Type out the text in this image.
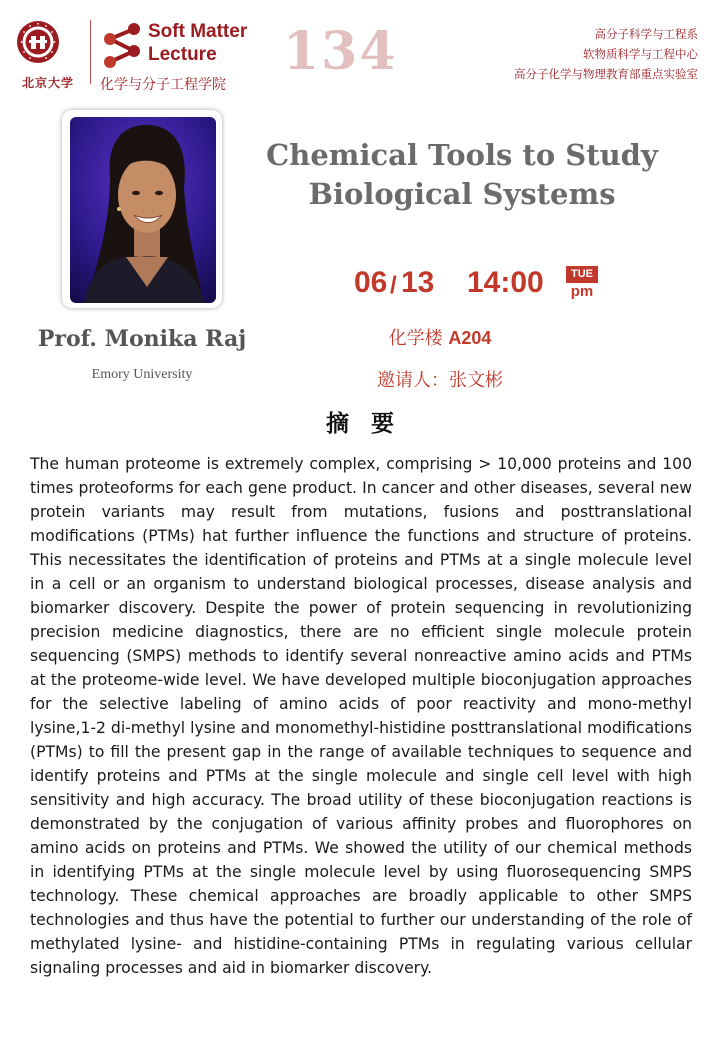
北京大学
Soft Matter
Lecture
化学与分子工程学院
134	高分子科学与工程系
软物质科学与工程中心
高分子化学与物理教育部重点实验室
Prof. Monika Raj
Emory University
Chemical Tools to Study
Biological Systems
06 / 13 14:00	TUE
pm
化学楼 A204
邀请人：张文彬
摘要
The human proteome is extremely complex, comprising > 10,000 proteins and 100 times proteoforms for each gene product. In cancer and other diseases, several new protein variants may result from mutations, fusions and posttranslational modifications (PTMs) hat further influence the functions and structure of proteins. This necessitates the identification of proteins and PTMs at a single molecule level in a cell or an organism to understand biological processes, disease analysis and biomarker discovery. Despite the power of protein sequencing in revolutionizing precision medicine diagnostics, there are no efficient single molecule protein sequencing (SMPS) methods to identify several nonreactive amino acids and PTMs at the proteome-wide level. We have developed multiple bioconjugation approaches for the selective labeling of amino acids of poor reactivity and mono-methyl lysine,1-2 di-methyl lysine and monomethyl-histidine posttranslational modifications (PTMs) to fill the present gap in the range of available techniques to sequence and identify proteins and PTMs at the single molecule and single cell level with high sensitivity and high accuracy. The broad utility of these bioconjugation reactions is demonstrated by the conjugation of various affinity probes and fluorophores on amino acids on proteins and PTMs. We showed the utility of our chemical methods in identifying PTMs at the single molecule level by using fluorosequencing SMPS technology. These chemical approaches are broadly applicable to other SMPS technologies and thus have the potential to further our understanding of the role of methylated lysine- and histidine-containing PTMs in regulating various cellular signaling processes and aid in biomarker discovery.
